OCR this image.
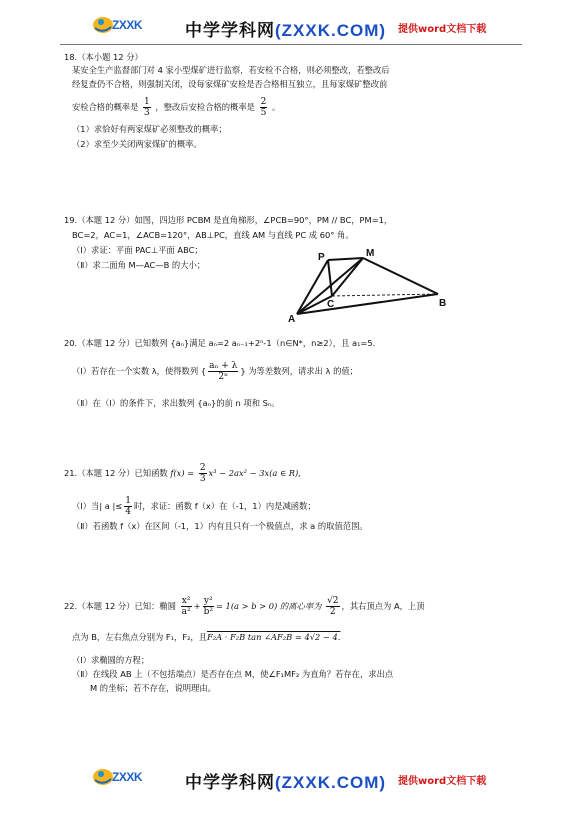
ZXXK	中学学科网(ZXXK.COM) 提供word文档下载
18.（本小题 12 分）
某安全生产监督部门对 4 家小型煤矿进行监察，若安检不合格，则必须整改，若整改后
经复查仍不合格，则强制关闭，设每家煤矿安检是否合格相互独立，且每家煤矿整改前
安检合格的概率是 $\frac{1}{3}$ ，整改后安检合格的概率是 $\frac{2}{5}$ 。
（1）求恰好有两家煤矿必须整改的概率；
（2）求至少关闭两家煤矿的概率。
19.（本题 12 分）如图，四边形 PCBM 是直角梯形，∠PCB=90°，PM // BC，PM=1，
BC=2，AC=1，∠ACB=120°，AB⊥PC，直线 AM 与直线 PC 成 60° 角。
（Ⅰ）求证：平面 PAC⊥平面 ABC；
（Ⅱ）求二面角 M—AC—B 的大小；
P	M
C
A
B
20.（本题 12 分）已知数列 {aₙ}满足 aₙ=2 aₙ₋₁+2ⁿ-1（n∈N*，n≥2），且 a₁=5.
（Ⅰ）若存在一个实数 λ，使得数列 { $\frac{\text{aₙ + λ}}{\text{2ⁿ}}$ } 为等差数列，请求出 λ 的值；
（Ⅱ）在（Ⅰ）的条件下，求出数列 {aₙ}的前 n 项和 Sₙ。
21.（本题 12 分）已知函数 $f(x) = \frac{2}{3} x^3 - 2ax^2 - 3x(a$ ∈ R),
（Ⅰ）当| a |≤ $\frac{1}{4}$ 时，求证：函数 f（x）在（-1，1）内是减函数；
（Ⅱ）若函数 f（x）在区间（-1，1）内有且只有一个极值点，求 a 的取值范围。
22.（本题 12 分）已知：椭圆 $\frac{\text{x²}}{\text{a²}} + \frac{\text{y²}}{\text{b²}} = 1(a > b > 0)$ 的离心率为 $\frac{√2}{2}$ ，其右顶点为 A，上顶
点为 B，左右焦点分别为 F₁，F₂，且F₂A · F₂B tan ∠AF₂B = 4√2 − 4.
（Ⅰ）求椭圆的方程；
（Ⅱ）在线段 AB 上（不包括端点）是否存在点 M，使∠F₁MF₂ 为直角？若存在，求出点
M 的坐标；若不存在，说明理由。
ZXXK	中学学科网(ZXXK.COM) 提供word文档下载
